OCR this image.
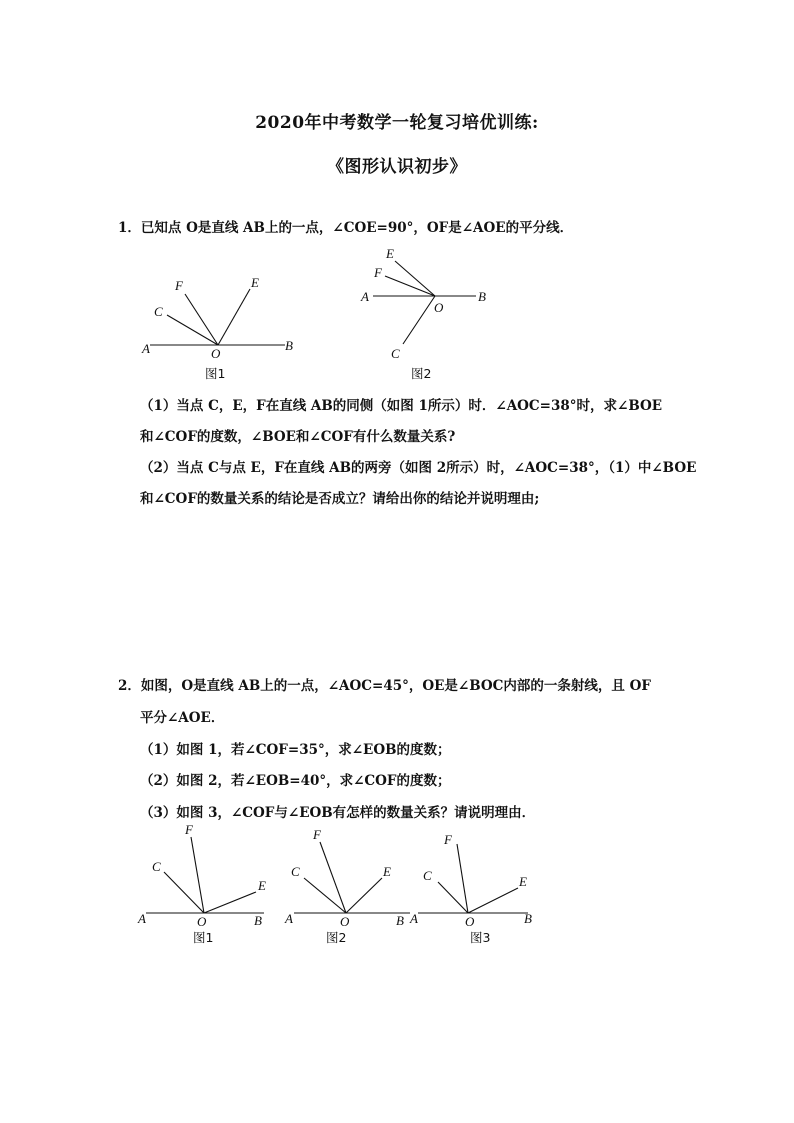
2020年中考数学一轮复习培优训练:
《图形认识初步》
1．已知点 O是直线 AB上的一点，∠COE=90°，OF是∠AOE的平分线．
A	B
O
F
C
E
图1
A	B
O
E
F
C
图2
（1）当点 C，E，F在直线 AB的同侧（如图 1所示）时．∠AOC=38°时，求∠BOE
和∠COF的度数，∠BOE和∠COF有什么数量关系?
（2）当点 C与点 E，F在直线 AB的两旁（如图 2所示）时，∠AOC=38°，（1）中∠BOE
和∠COF的数量关系的结论是否成立？请给出你的结论并说明理由;
2．如图，O是直线 AB上的一点，∠AOC=45°，OE是∠BOC内部的一条射线，且 OF
平分∠AOE．
（1）如图 1，若∠COF=35°，求∠EOB的度数；
（2）如图 2，若∠EOB=40°，求∠COF的度数；
（3）如图 3，∠COF与∠EOB有怎样的数量关系？请说明理由．
A	B
O
F
C
E
图1
A	B
O
F
C	E
图2
A	B
O
F
C	E
图3
